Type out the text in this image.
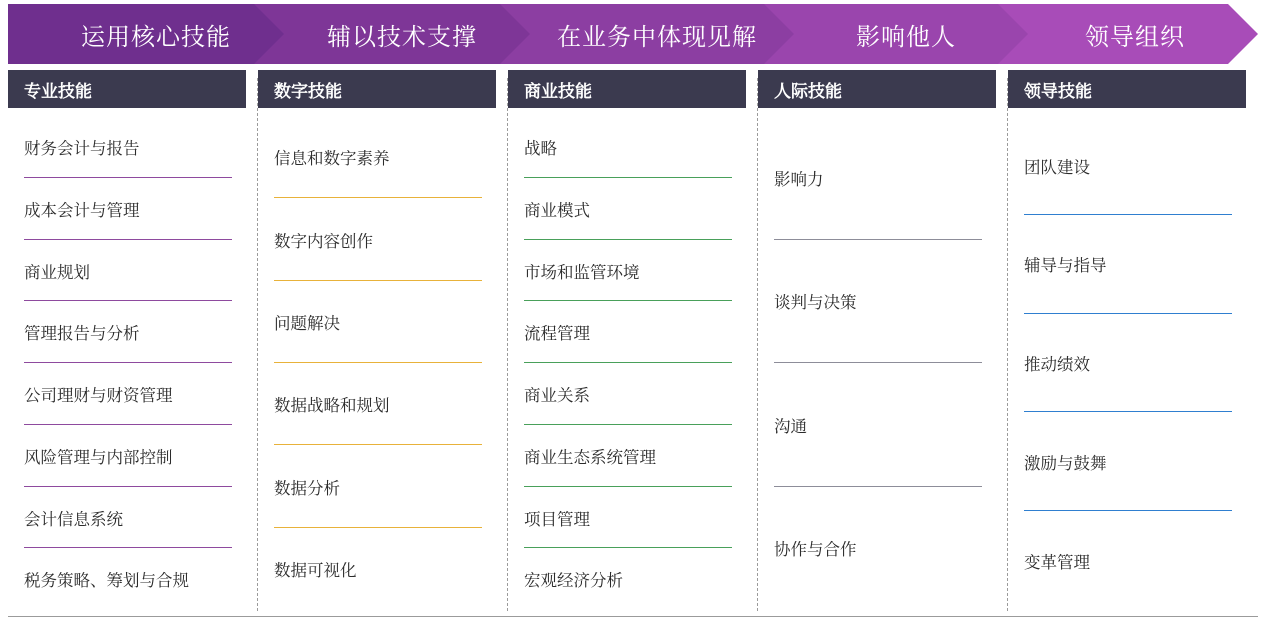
运用核心技能	辅以技术支撑	在业务中体现见解	影响他人	领导组织
专业技能
财务会计与报告
成本会计与管理
商业规划
管理报告与分析
公司理财与财资管理
风险管理与内部控制
会计信息系统
税务策略、筹划与合规
数字技能
信息和数字素养
数字内容创作
问题解决
数据战略和规划
数据分析
数据可视化
商业技能
战略
商业模式
市场和监管环境
流程管理
商业关系
商业生态系统管理
项目管理
宏观经济分析
人际技能
影响力
谈判与决策
沟通
协作与合作
领导技能
团队建设
辅导与指导
推动绩效
激励与鼓舞
变革管理
